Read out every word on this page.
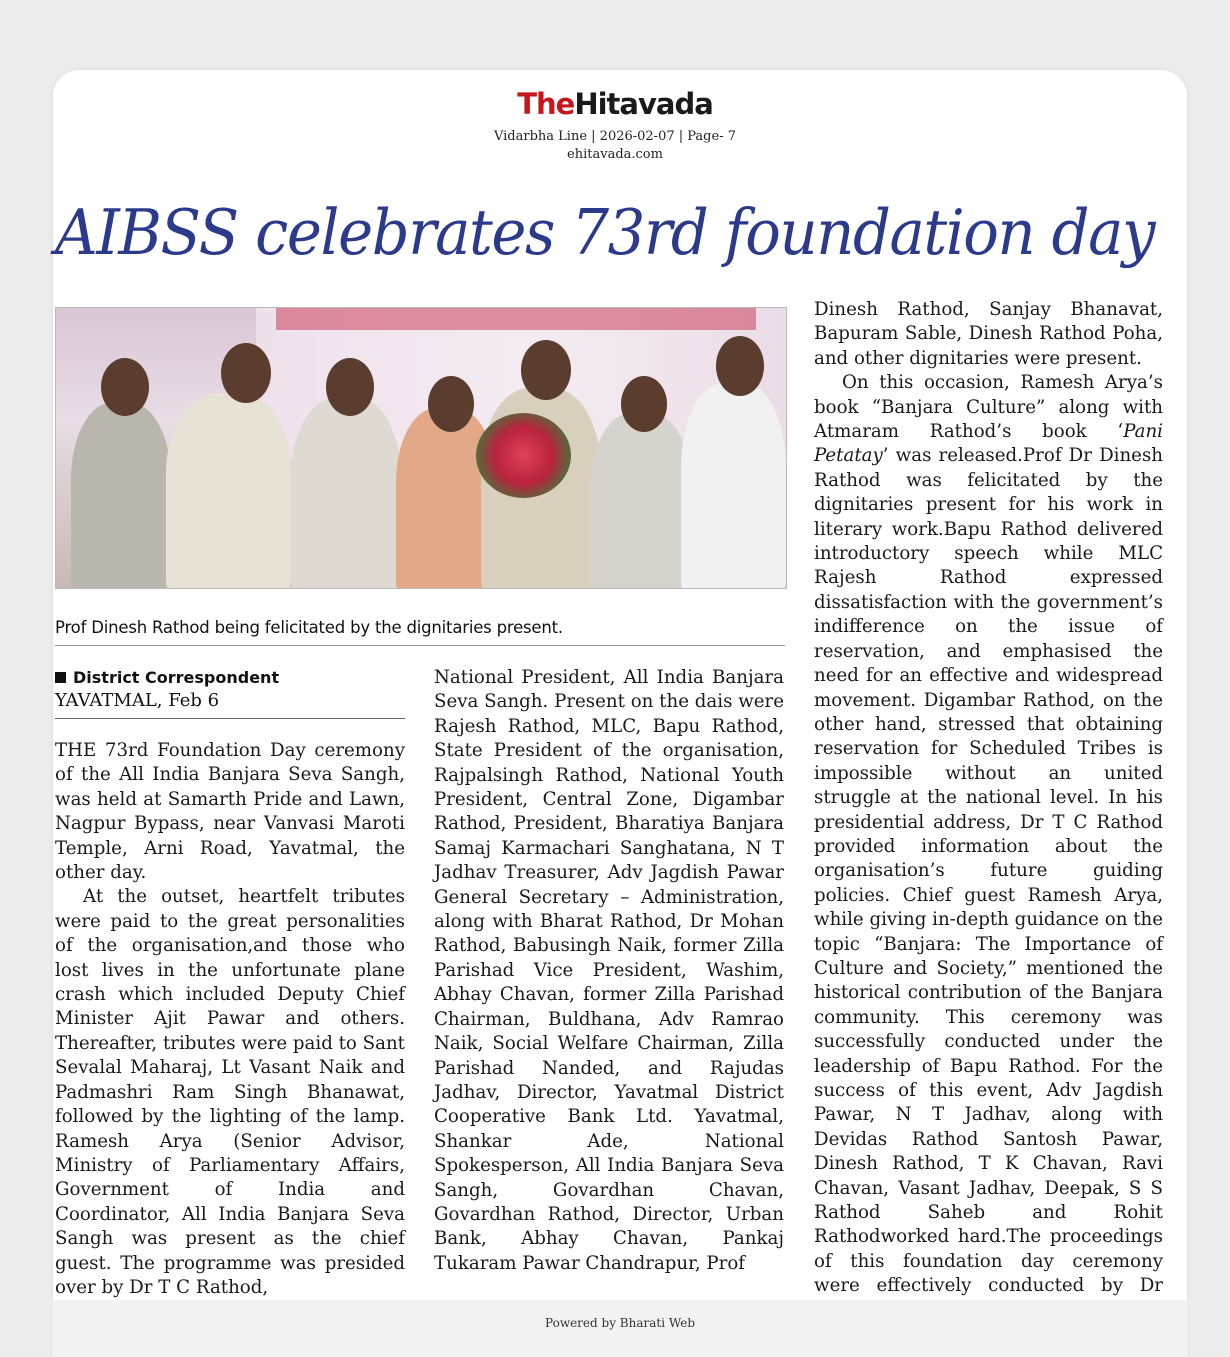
TheHitavada
Vidarbha Line | 2026-02-07 | Page- 7
ehitavada.com
AIBSS celebrates 73rd foundation day
Prof Dinesh Rathod being felicitated by the dignitaries present.
District Correspondent
YAVATMAL, Feb 6

THE 73rd Foundation Day ceremony of the All India Banjara Seva Sangh, was held at Samarth Pride and Lawn, Nagpur Bypass, near Vanvasi Maroti Temple, Arni Road, Yavatmal, the other day.

At the outset, heartfelt tributes were paid to the great personalities of the organisation,and those who lost lives in the unfortunate plane crash which included Deputy Chief Minister Ajit Pawar and others. Thereafter, tributes were paid to Sant Sevalal Maharaj, Lt Vasant Naik and Padmashri Ram Singh Bhanawat, followed by the lighting of the lamp. Ramesh Arya (Senior Advisor, Ministry of Parliamentary Affairs, Government of India and Coordinator, All India Banjara Seva Sangh was present as the chief guest. The programme was presided over by Dr T C Rathod,

National President, All India Banjara Seva Sangh. Present on the dais were Rajesh Rathod, MLC, Bapu Rathod, State President of the organisation, Rajpalsingh Rathod, National Youth President, Central Zone, Digambar Rathod, President, Bharatiya Banjara Samaj Karmachari Sanghatana, N T Jadhav Treasurer, Adv Jagdish Pawar General Secretary – Administration, along with Bharat Rathod, Dr Mohan Rathod, Babusingh Naik, former Zilla Parishad Vice President, Washim, Abhay Chavan, former Zilla Parishad Chairman, Buldhana, Adv Ramrao Naik, Social Welfare Chairman, Zilla Parishad Nanded, and Rajudas Jadhav, Director, Yavatmal District Cooperative Bank Ltd. Yavatmal, Shankar Ade, National Spokesperson, All India Banjara Seva Sangh, Govardhan Chavan, Govardhan Rathod, Director, Urban Bank, Abhay Chavan, Pankaj Tukaram Pawar Chandrapur, Prof

Dinesh Rathod, Sanjay Bhanavat, Bapuram Sable, Dinesh Rathod Poha, and other dignitaries were present.

On this occasion, Ramesh Arya’s book “Banjara Culture” along with Atmaram Rathod’s book ‘Pani Petatay’ was released.Prof Dr Dinesh Rathod was felicitated by the dignitaries present for his work in literary work.Bapu Rathod delivered introductory speech while MLC Rajesh Rathod expressed dissatisfaction with the government’s indifference on the issue of reservation, and emphasised the need for an effective and widespread movement. Digambar Rathod, on the other hand, stressed that obtaining reservation for Scheduled Tribes is impossible without an united struggle at the national level. In his presidential address, Dr T C Rathod provided information about the organisation’s future guiding policies. Chief guest Ramesh Arya, while giving in-depth guidance on the topic “Banjara: The Importance of Culture and Society,” mentioned the historical contribution of the Banjara community. This ceremony was successfully conducted under the leadership of Bapu Rathod. For the success of this event, Adv Jagdish Pawar, N T Jadhav, along with Devidas Rathod Santosh Pawar, Dinesh Rathod, T K Chavan, Ravi Chavan, Vasant Jadhav, Deepak, S S Rathod Saheb and Rohit Rathodworked hard.The proceedings of this foundation day ceremony were effectively conducted by Dr

Powered by Bharati Web
